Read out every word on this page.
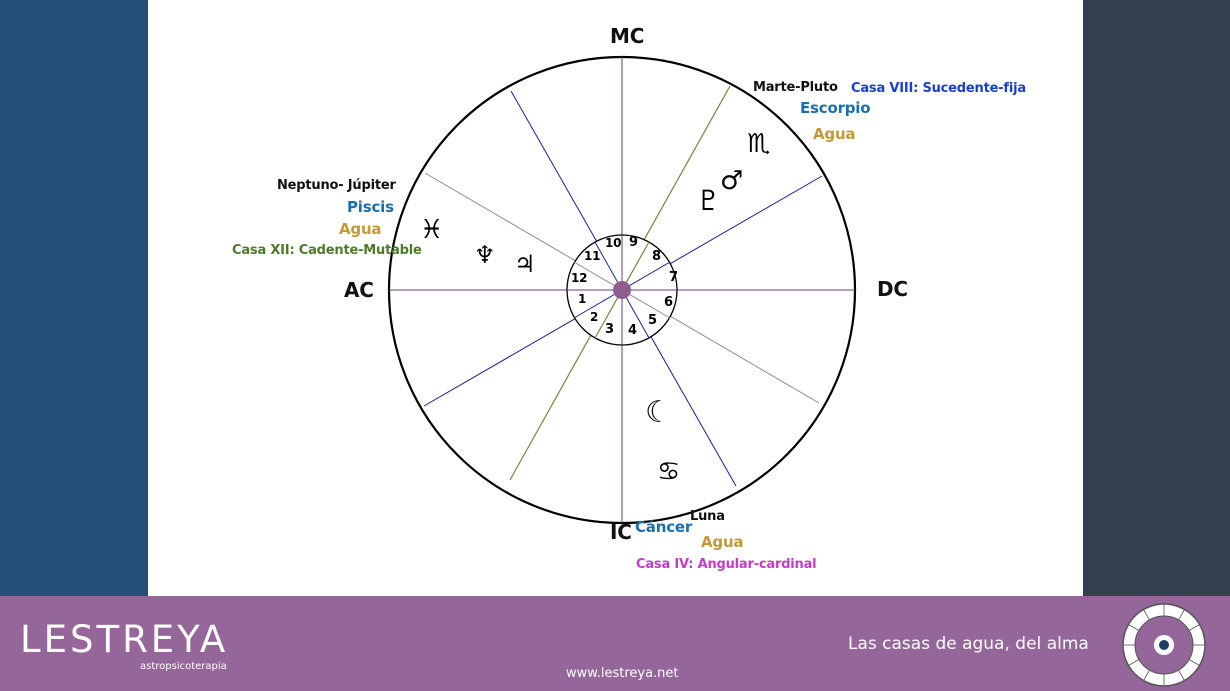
MC
AC	DC
IC
1
2
3 4
5
6
7
8
9
10
11
12
♓
♆ ♃
♏
♂
♇
☾
♋
Neptuno- Júpiter
Piscis
Agua
Casa XII: Cadente-Mutable
Marte-Pluto Casa VIII: Sucedente-fija
Escorpio
Agua
Cáncer
Luna
Agua
Casa IV: Angular-cardinal
LESTREYA
astropsicoterapia	www.lestreya.net
Las casas de agua, del alma
